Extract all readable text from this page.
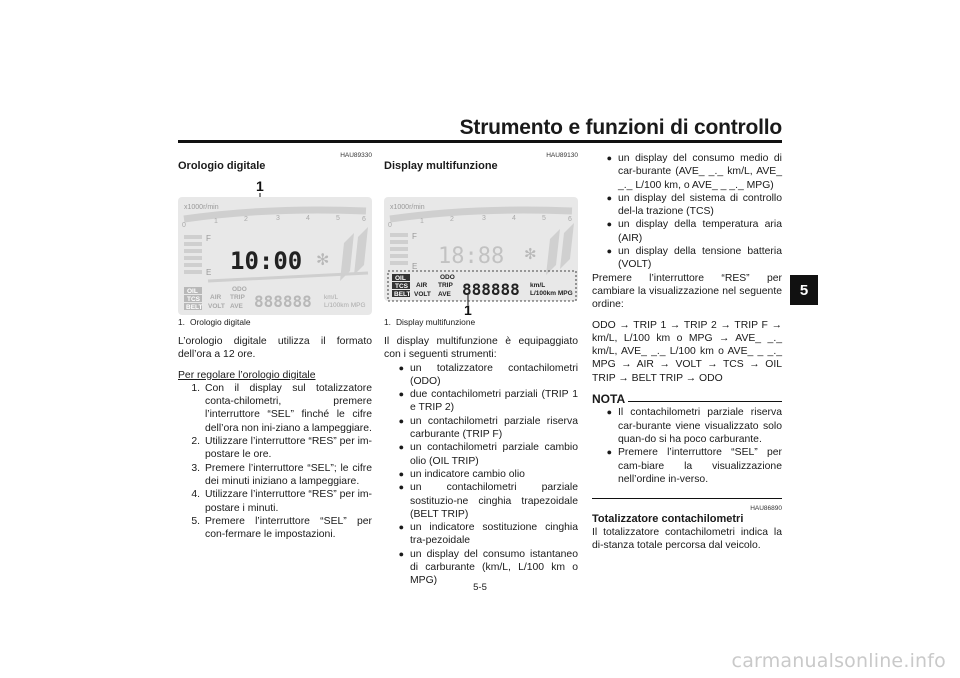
Strumento e funzioni di controllo
5
HAU89330
Orologio digitale
1
x1000r/min
0
1	2	3	4	5	6
F
E 10:00 ✻
OIL
TCS
BELT
ODO
AIR TRIP
VOLT AVE 888888 km/L
L/100km MPG
1. Orologio digitale

L’orologio digitale utilizza il formato dell’ora a 12 ore.

Per regolare l’orologio digitale

1. Con il display sul totalizzatore conta-chilometri, premere l’interruttore “SEL” finché le cifre dell’ora non ini-ziano a lampeggiare.
2. Utilizzare l’interruttore “RES” per im-postare le ore.
3. Premere l’interruttore “SEL”; le cifre dei minuti iniziano a lampeggiare.
4. Utilizzare l’interruttore “RES” per im-postare i minuti.
5. Premere l’interruttore “SEL” per con-fermare le impostazioni.
HAU89130
Display multifunzione
x1000r/min
0
1	2	3	4	5	6
F
E 18:88 ✻
OIL
TCS
BELT
ODO
AIR TRIP
VOLT AVE 888888 km/L
L/100km MPG
1
1. Display multifunzione

Il display multifunzione è equipaggiato con i seguenti strumenti:

● un totalizzatore contachilometri (ODO)
● due contachilometri parziali (TRIP 1 e TRIP 2)
● un contachilometri parziale riserva carburante (TRIP F)
● un contachilometri parziale cambio olio (OIL TRIP)
● un indicatore cambio olio
● un contachilometri parziale sostituzio-ne cinghia trapezoidale (BELT TRIP)
● un indicatore sostituzione cinghia tra-pezoidale
● un display del consumo istantaneo di carburante (km/L, L/100 km o MPG)
● un display del consumo medio di car-burante (AVE_ _._ km/L, AVE_ _._ L/100 km, o AVE_ _ _._ MPG)
● un display del sistema di controllo del-la trazione (TCS)
● un display della temperatura aria (AIR)
● un display della tensione batteria (VOLT)

Premere l’interruttore “RES” per cambiare la visualizzazione nel seguente ordine:

ODO → TRIP 1 → TRIP 2 → TRIP F → km/L, L/100 km o MPG → AVE_ _._ km/L, AVE_ _._ L/100 km o AVE_ _ _._ MPG → AIR → VOLT → TCS → OIL TRIP → BELT TRIP → ODO

NOTA
● Il contachilometri parziale riserva car-burante viene visualizzato solo quan-do si ha poco carburante.
● Premere l’interruttore “SEL” per cam-biare la visualizzazione nell’ordine in-verso.
HAU86890
Totalizzatore contachilometri

Il totalizzatore contachilometri indica la di-stanza totale percorsa dal veicolo.

5-5
carmanualsonline.info
